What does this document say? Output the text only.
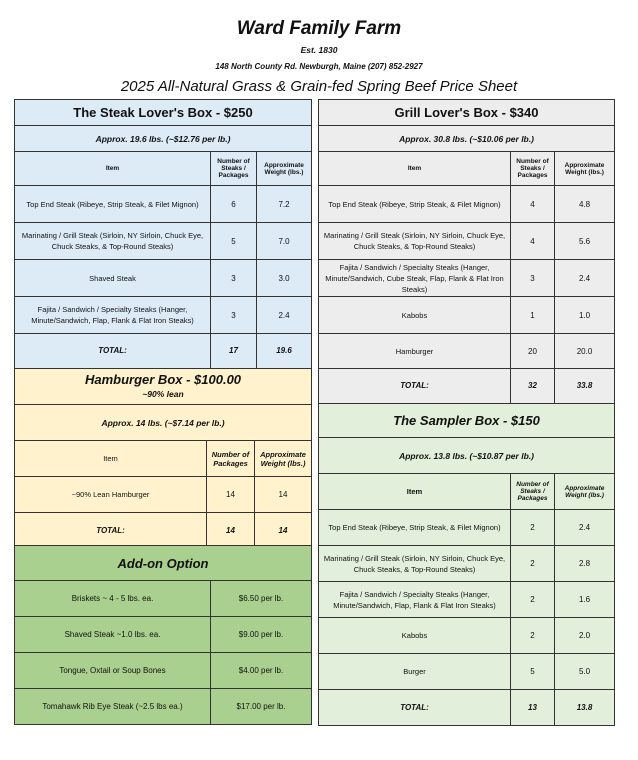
Ward Family Farm
Est. 1830
148 North County Rd. Newburgh, Maine (207) 852-2927
2025 All-Natural Grass & Grain-fed Spring Beef Price Sheet
The Steak Lover's Box - $250		
Approx. 19.6 lbs. (~$12.76 per lb.)		
Item	Number of Steaks / Packages	Approximate Weight (lbs.)
Top End Steak (Ribeye, Strip Steak, & Filet Mignon)	6	7.2
Marinating / Grill Steak (Sirloin, NY Sirloin, Chuck Eye, Chuck Steaks, & Top-Round Steaks)	5	7.0
Shaved Steak	3	3.0
Fajita / Sandwich / Specialty Steaks (Hanger, Minute/Sandwich, Flap, Flank & Flat Iron Steaks)	3	2.4
TOTAL:	17	19.6
Hamburger Box - $100.00
~90% lean		

Approx. 14 lbs. (~$7.14 per lb.)		
Item	Number of Packages	Approximate Weight (lbs.)
~90% Lean Hamburger	14	14
TOTAL:	14	14
Add-on Option	
Briskets ~ 4 - 5 lbs. ea.	$6.50 per lb.
Shaved Steak ~1.0 lbs. ea.	$9.00 per lb.
Tongue, Oxtail or Soup Bones	$4.00 per lb.
Tomahawk Rib Eye Steak (~2.5 lbs ea.)	$17.00 per lb.
Grill Lover's Box - $340		
Approx. 30.8 lbs. (~$10.06 per lb.)		
Item	Number of Steaks / Packages	Approximate Weight (lbs.)
Top End Steak (Ribeye, Strip Steak, & Filet Mignon)	4	4.8
Marinating / Grill Steak (Sirloin, NY Sirloin, Chuck Eye, Chuck Steaks, & Top-Round Steaks)	4	5.6
Fajita / Sandwich / Specialty Steaks (Hanger, Minute/Sandwich, Cube Steak, Flap, Flank & Flat Iron Steaks)	3	2.4
Kabobs	1	1.0
Hamburger	20	20.0
TOTAL:	32	33.8
The Sampler Box - $150		
Approx. 13.8 lbs. (~$10.87 per lb.)		
Item	Number of Steaks / Packages	Approximate Weight (lbs.)
Top End Steak (Ribeye, Strip Steak, & Filet Mignon)	2	2.4
Marinating / Grill Steak (Sirloin, NY Sirloin, Chuck Eye, Chuck Steaks, & Top-Round Steaks)	2	2.8
Fajita / Sandwich / Specialty Steaks (Hanger, Minute/Sandwich, Flap, Flank & Flat Iron Steaks)	2	1.6
Kabobs	2	2.0
Burger	5	5.0
TOTAL:	13	13.8
